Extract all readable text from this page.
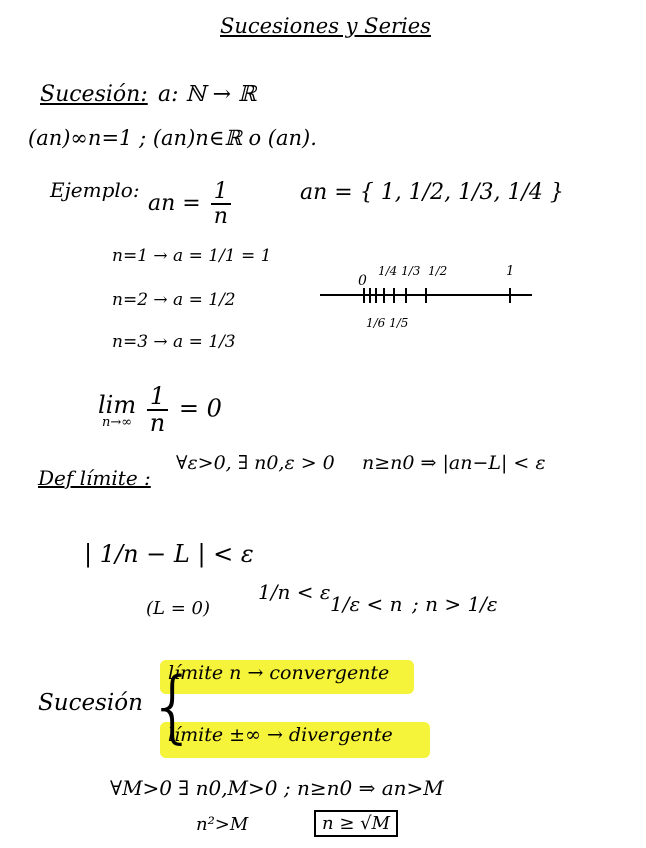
Sucesiones y Series
Sucesión: a: ℕ → ℝ
(an)∞n=1 ; (an)n∈ℝ o (an).
Ejemplo:
an = $\frac{1}{n}$	an = { 1, 1/2, 1/3, 1/4 }
n=1 → a = 1/1 = 1
n=2 → a = 1/2
n=3 → a = 1/3
0
1/4 1/3 1/2	1
1/6 1/5
lim
n→∞
$\frac{1}{n} = 0$
Def límite :
∀ε>0, ∃ n0,ε > 0 n≥n0 ⇒ |an−L| < ε
| 1/n − L | < ε
(L = 0)
1/n < ε 1/ε < n ; n > 1/ε
Sucesión {
límite n → convergente
límite ±∞ → divergente
∀M>0 ∃ n0,M>0 ; n≥n0 ⇒ an>M
n²>M	n ≥ √M
